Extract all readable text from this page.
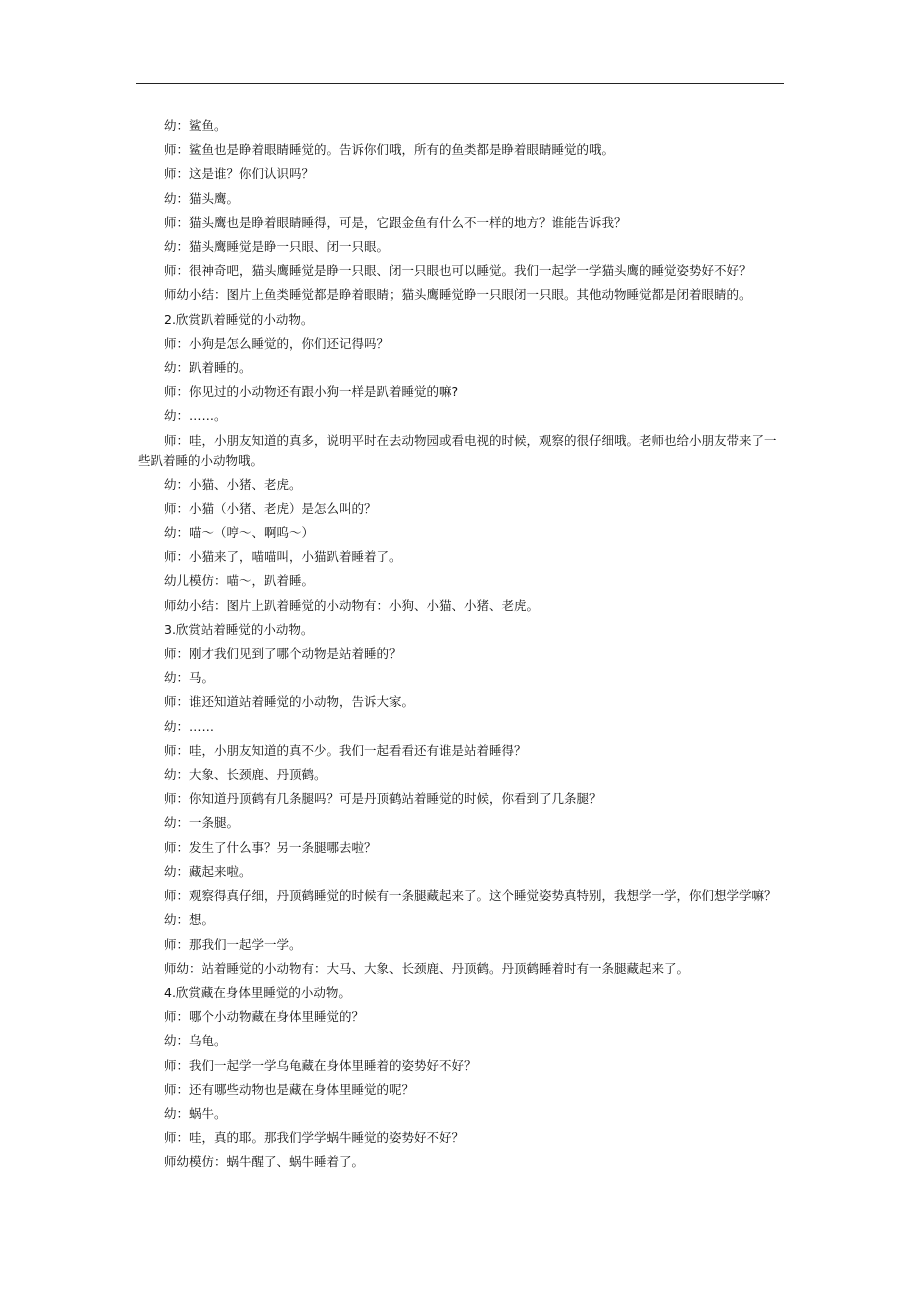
幼：鲨鱼。
师：鲨鱼也是睁着眼睛睡觉的。告诉你们哦，所有的鱼类都是睁着眼睛睡觉的哦。
师：这是谁？你们认识吗？
幼：猫头鹰。
师：猫头鹰也是睁着眼睛睡得，可是，它跟金鱼有什么不一样的地方？谁能告诉我？
幼：猫头鹰睡觉是睁一只眼、闭一只眼。
师：很神奇吧，猫头鹰睡觉是睁一只眼、闭一只眼也可以睡觉。我们一起学一学猫头鹰的睡觉姿势好不好？
师幼小结：图片上鱼类睡觉都是睁着眼睛；猫头鹰睡觉睁一只眼闭一只眼。其他动物睡觉都是闭着眼睛的。
2.欣赏趴着睡觉的小动物。
师：小狗是怎么睡觉的，你们还记得吗？
幼：趴着睡的。
师：你见过的小动物还有跟小狗一样是趴着睡觉的嘛?
幼：……。
师：哇，小朋友知道的真多，说明平时在去动物园或看电视的时候，观察的很仔细哦。老师也给小朋友带来了一些趴着睡的小动物哦。
幼：小猫、小猪、老虎。
师：小猫（小猪、老虎）是怎么叫的？
幼：喵～（哼～、啊呜～）
师：小猫来了，喵喵叫，小猫趴着睡着了。
幼儿模仿：喵～，趴着睡。
师幼小结：图片上趴着睡觉的小动物有：小狗、小猫、小猪、老虎。
3.欣赏站着睡觉的小动物。
师：刚才我们见到了哪个动物是站着睡的？
幼：马。
师：谁还知道站着睡觉的小动物，告诉大家。
幼：……
师：哇，小朋友知道的真不少。我们一起看看还有谁是站着睡得？
幼：大象、长颈鹿、丹顶鹤。
师：你知道丹顶鹤有几条腿吗？可是丹顶鹤站着睡觉的时候，你看到了几条腿？
幼：一条腿。
师：发生了什么事？另一条腿哪去啦？
幼：藏起来啦。
师：观察得真仔细，丹顶鹤睡觉的时候有一条腿藏起来了。这个睡觉姿势真特别，我想学一学，你们想学学嘛？
幼：想。
师：那我们一起学一学。
师幼：站着睡觉的小动物有：大马、大象、长颈鹿、丹顶鹤。丹顶鹤睡着时有一条腿藏起来了。
4.欣赏藏在身体里睡觉的小动物。
师：哪个小动物藏在身体里睡觉的？
幼：乌龟。
师：我们一起学一学乌龟藏在身体里睡着的姿势好不好？
师：还有哪些动物也是藏在身体里睡觉的呢？
幼：蜗牛。
师：哇，真的耶。那我们学学蜗牛睡觉的姿势好不好？
师幼模仿：蜗牛醒了、蜗牛睡着了。
